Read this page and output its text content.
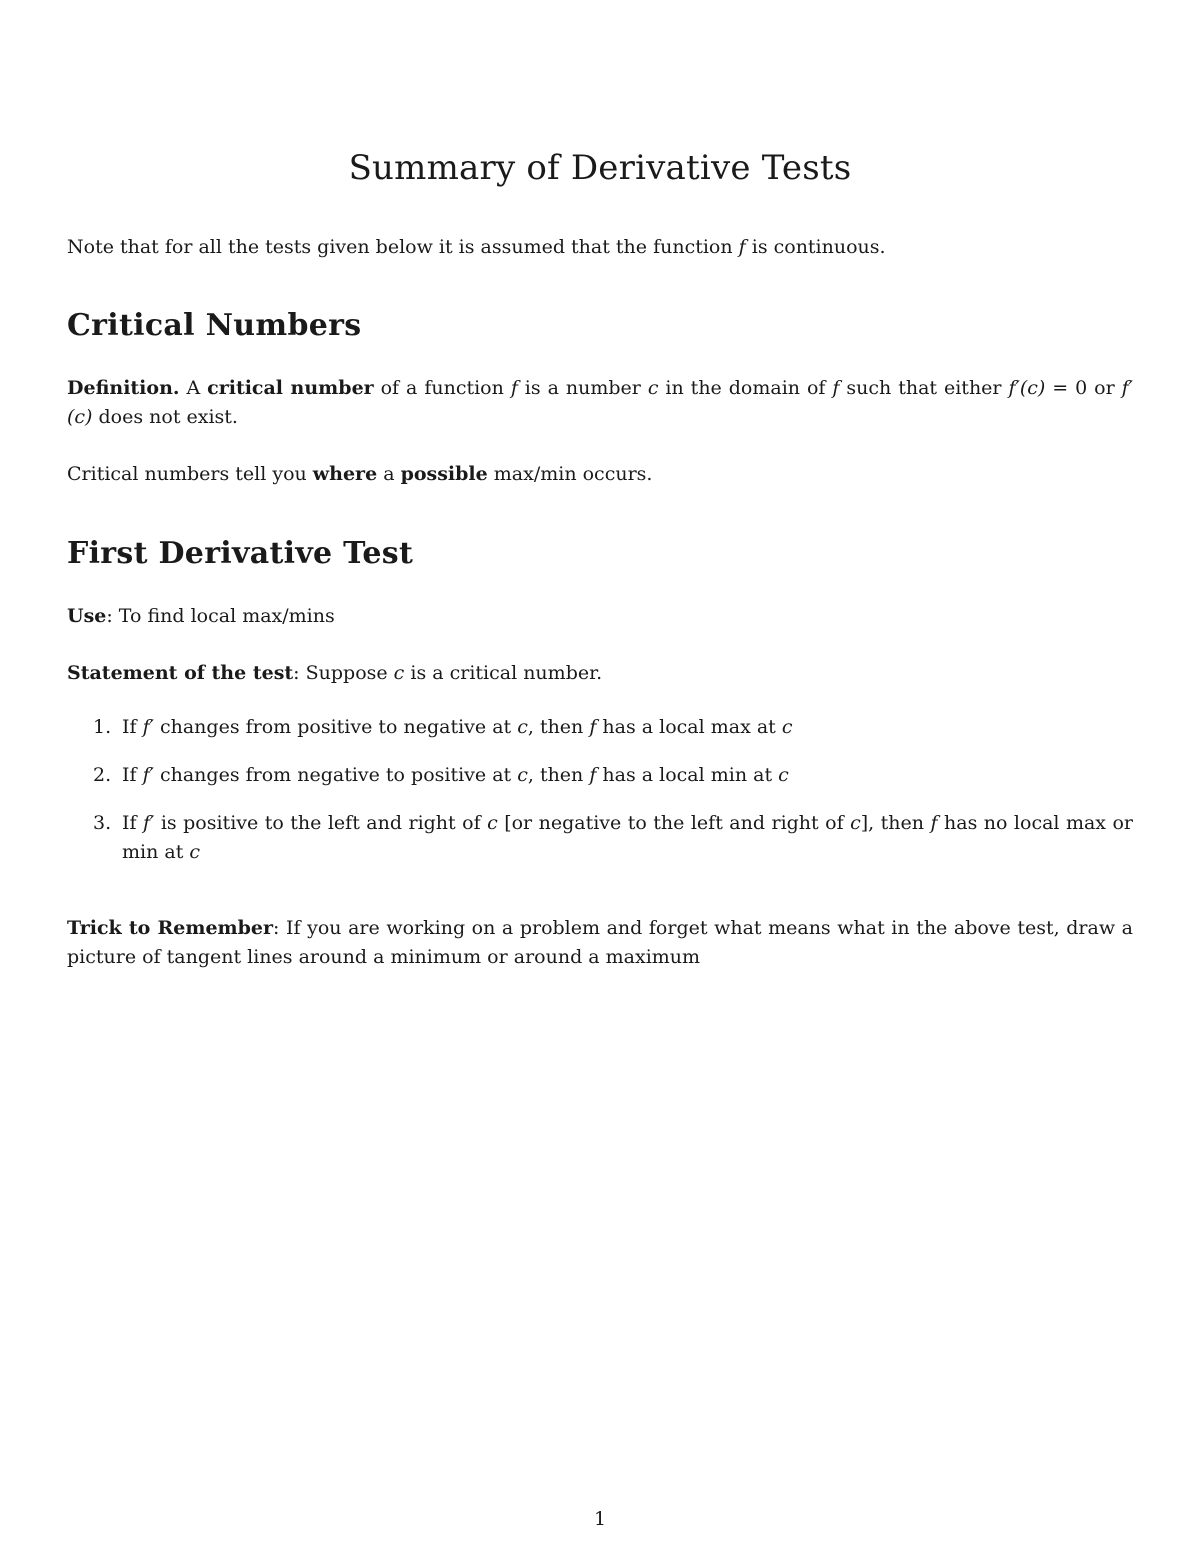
Summary of Derivative Tests

Note that for all the tests given below it is assumed that the function f is continuous.

Critical Numbers

Definition. A critical number of a function f is a number c in the domain of f such that either f′(c) = 0 or f′(c) does not exist.

Critical numbers tell you where a possible max/min occurs.

First Derivative Test

Use: To find local max/mins

Statement of the test: Suppose c is a critical number.

1. If f′ changes from positive to negative at c, then f has a local max at c
2. If f′ changes from negative to positive at c, then f has a local min at c
3. If f′ is positive to the left and right of c [or negative to the left and right of c], then f has no local max or min at c

Trick to Remember: If you are working on a problem and forget what means what in the above test, draw a picture of tangent lines around a minimum or around a maximum

1
